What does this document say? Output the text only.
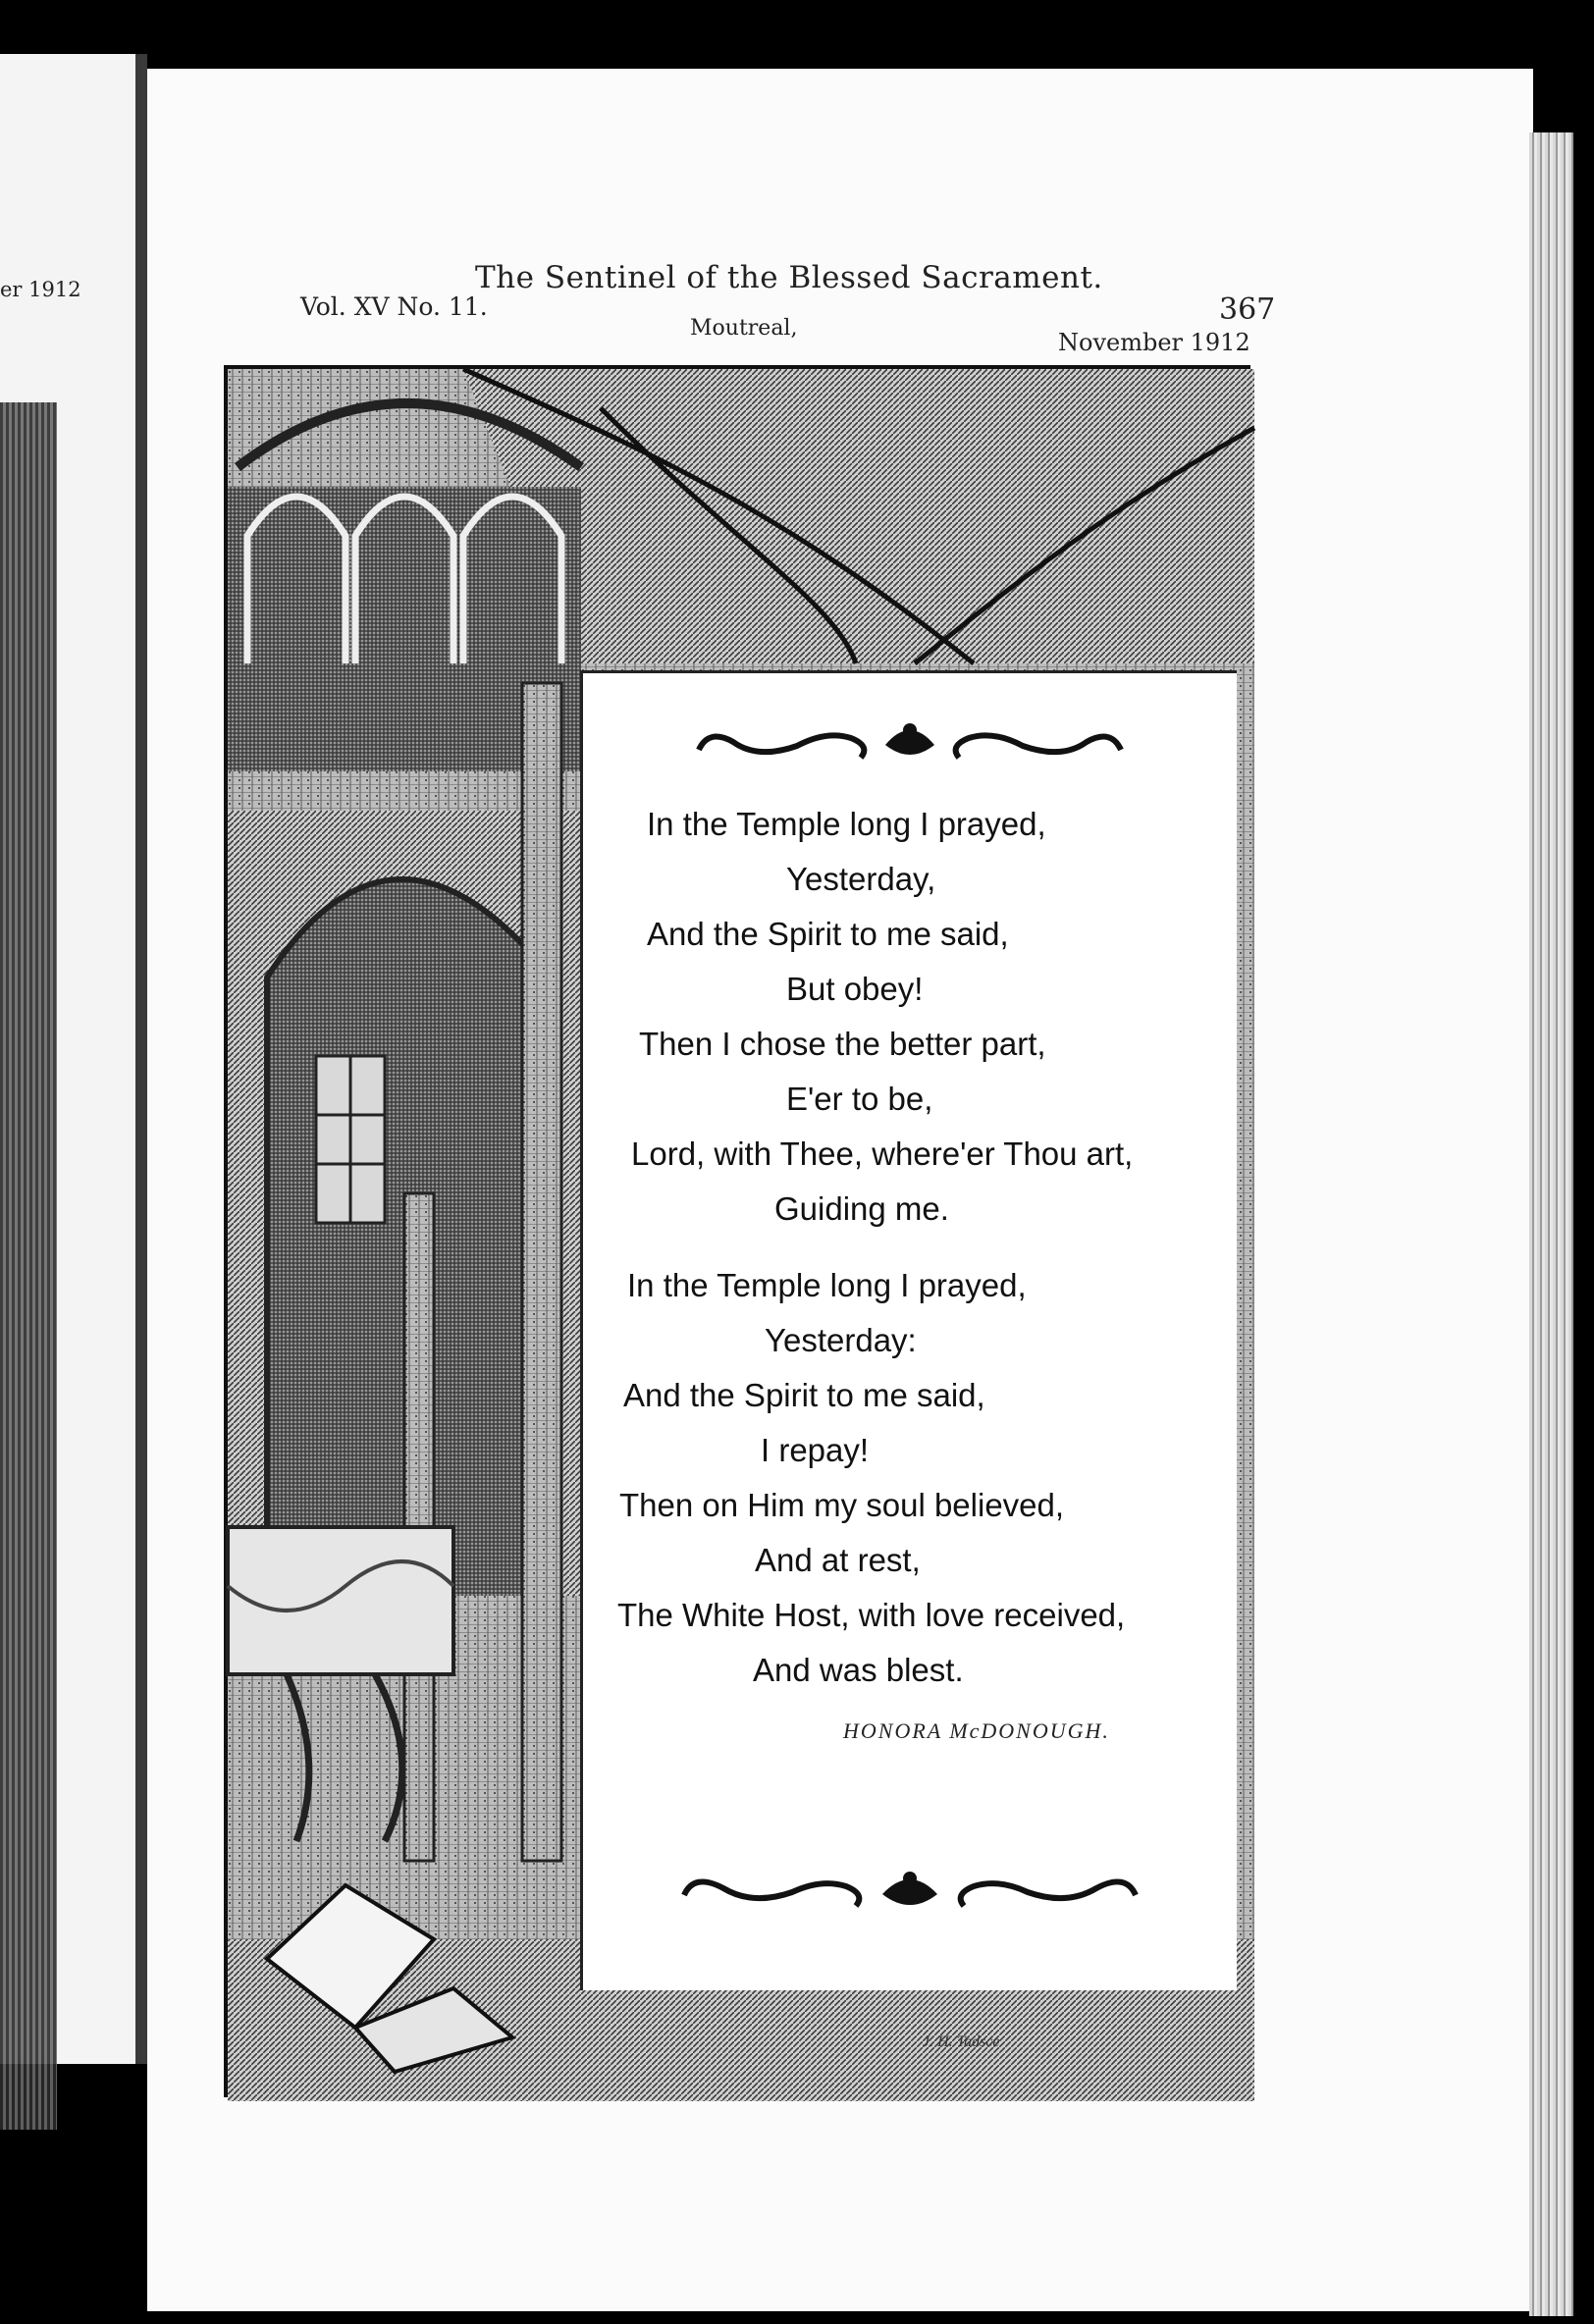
er 1912	The Sentinel of the Blessed Sacrament.
Vol. XV No. 11.
Moutreal,
November 1912
367
In the Temple long I prayed,
Yesterday,
And the Spirit to me said,
But obey!
Then I chose the better part,
E'er to be,
Lord, with Thee, where'er Thou art,
Guiding me.
In the Temple long I prayed,
Yesterday:
And the Spirit to me said,
I repay!
Then on Him my soul believed,
And at rest,
The White Host, with love received,
And was blest.
HONORA McDONOUGH.
J. H. Tadsce
